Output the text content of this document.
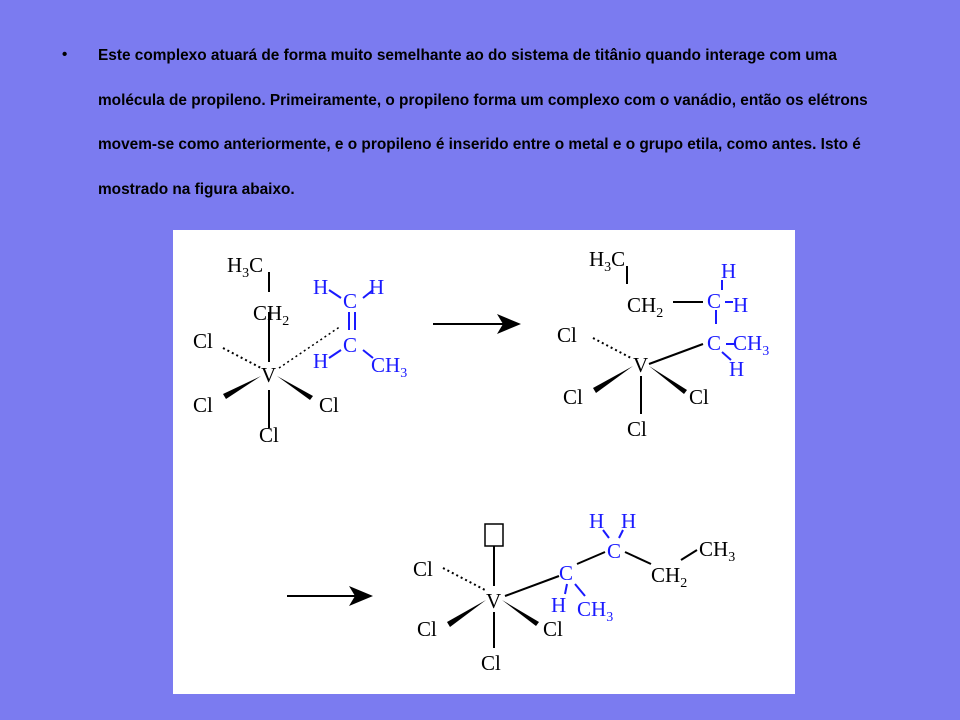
• Este complexo atuará de forma muito semelhante ao do sistema de titânio quando interage com uma molécula de propileno. Primeiramente, o propileno forma um complexo com o vanádio, então os elétrons movem-se como anteriormente, e o propileno é inserido entre o metal e o grupo etila, como antes. Isto é mostrado na figura abaixo.
$H_3C$
$CH_2$
V
Cl
Cl	Cl
Cl
H
C
H
H
C
$CH_3$
$H_3C$
$CH_2$
V
Cl
Cl	Cl
Cl
H
C H
C $CH_3$
H
Cl
V
Cl	Cl
Cl
C
H $CH_3$
H H
C
$CH_2$
$CH_3$
